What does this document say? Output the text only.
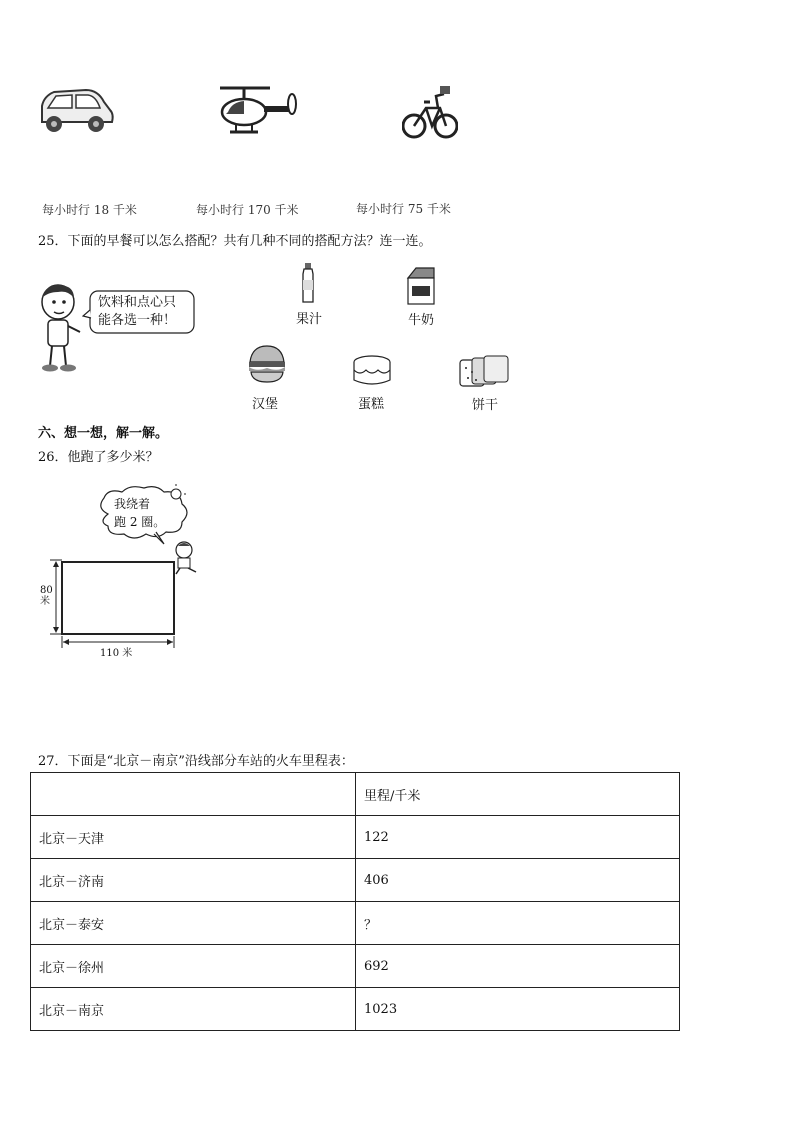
每小时行 18 千米	每小时行 170 千米	每小时行 75 千米
25．下面的早餐可以怎么搭配？共有几种不同的搭配方法？连一连。
饮料和点心只
能各选一种！	果汁	牛奶
汉堡	蛋糕	饼干
六、想一想，解一解。
26．他跑了多少米？
我绕着
跑 2 圈。
80
米
110 米
27．下面是“北京－南京”沿线部分车站的火车里程表：
	里程/千米
北京－天津	122
北京－济南	406
北京－泰安	？
北京－徐州	692
北京－南京	1023
